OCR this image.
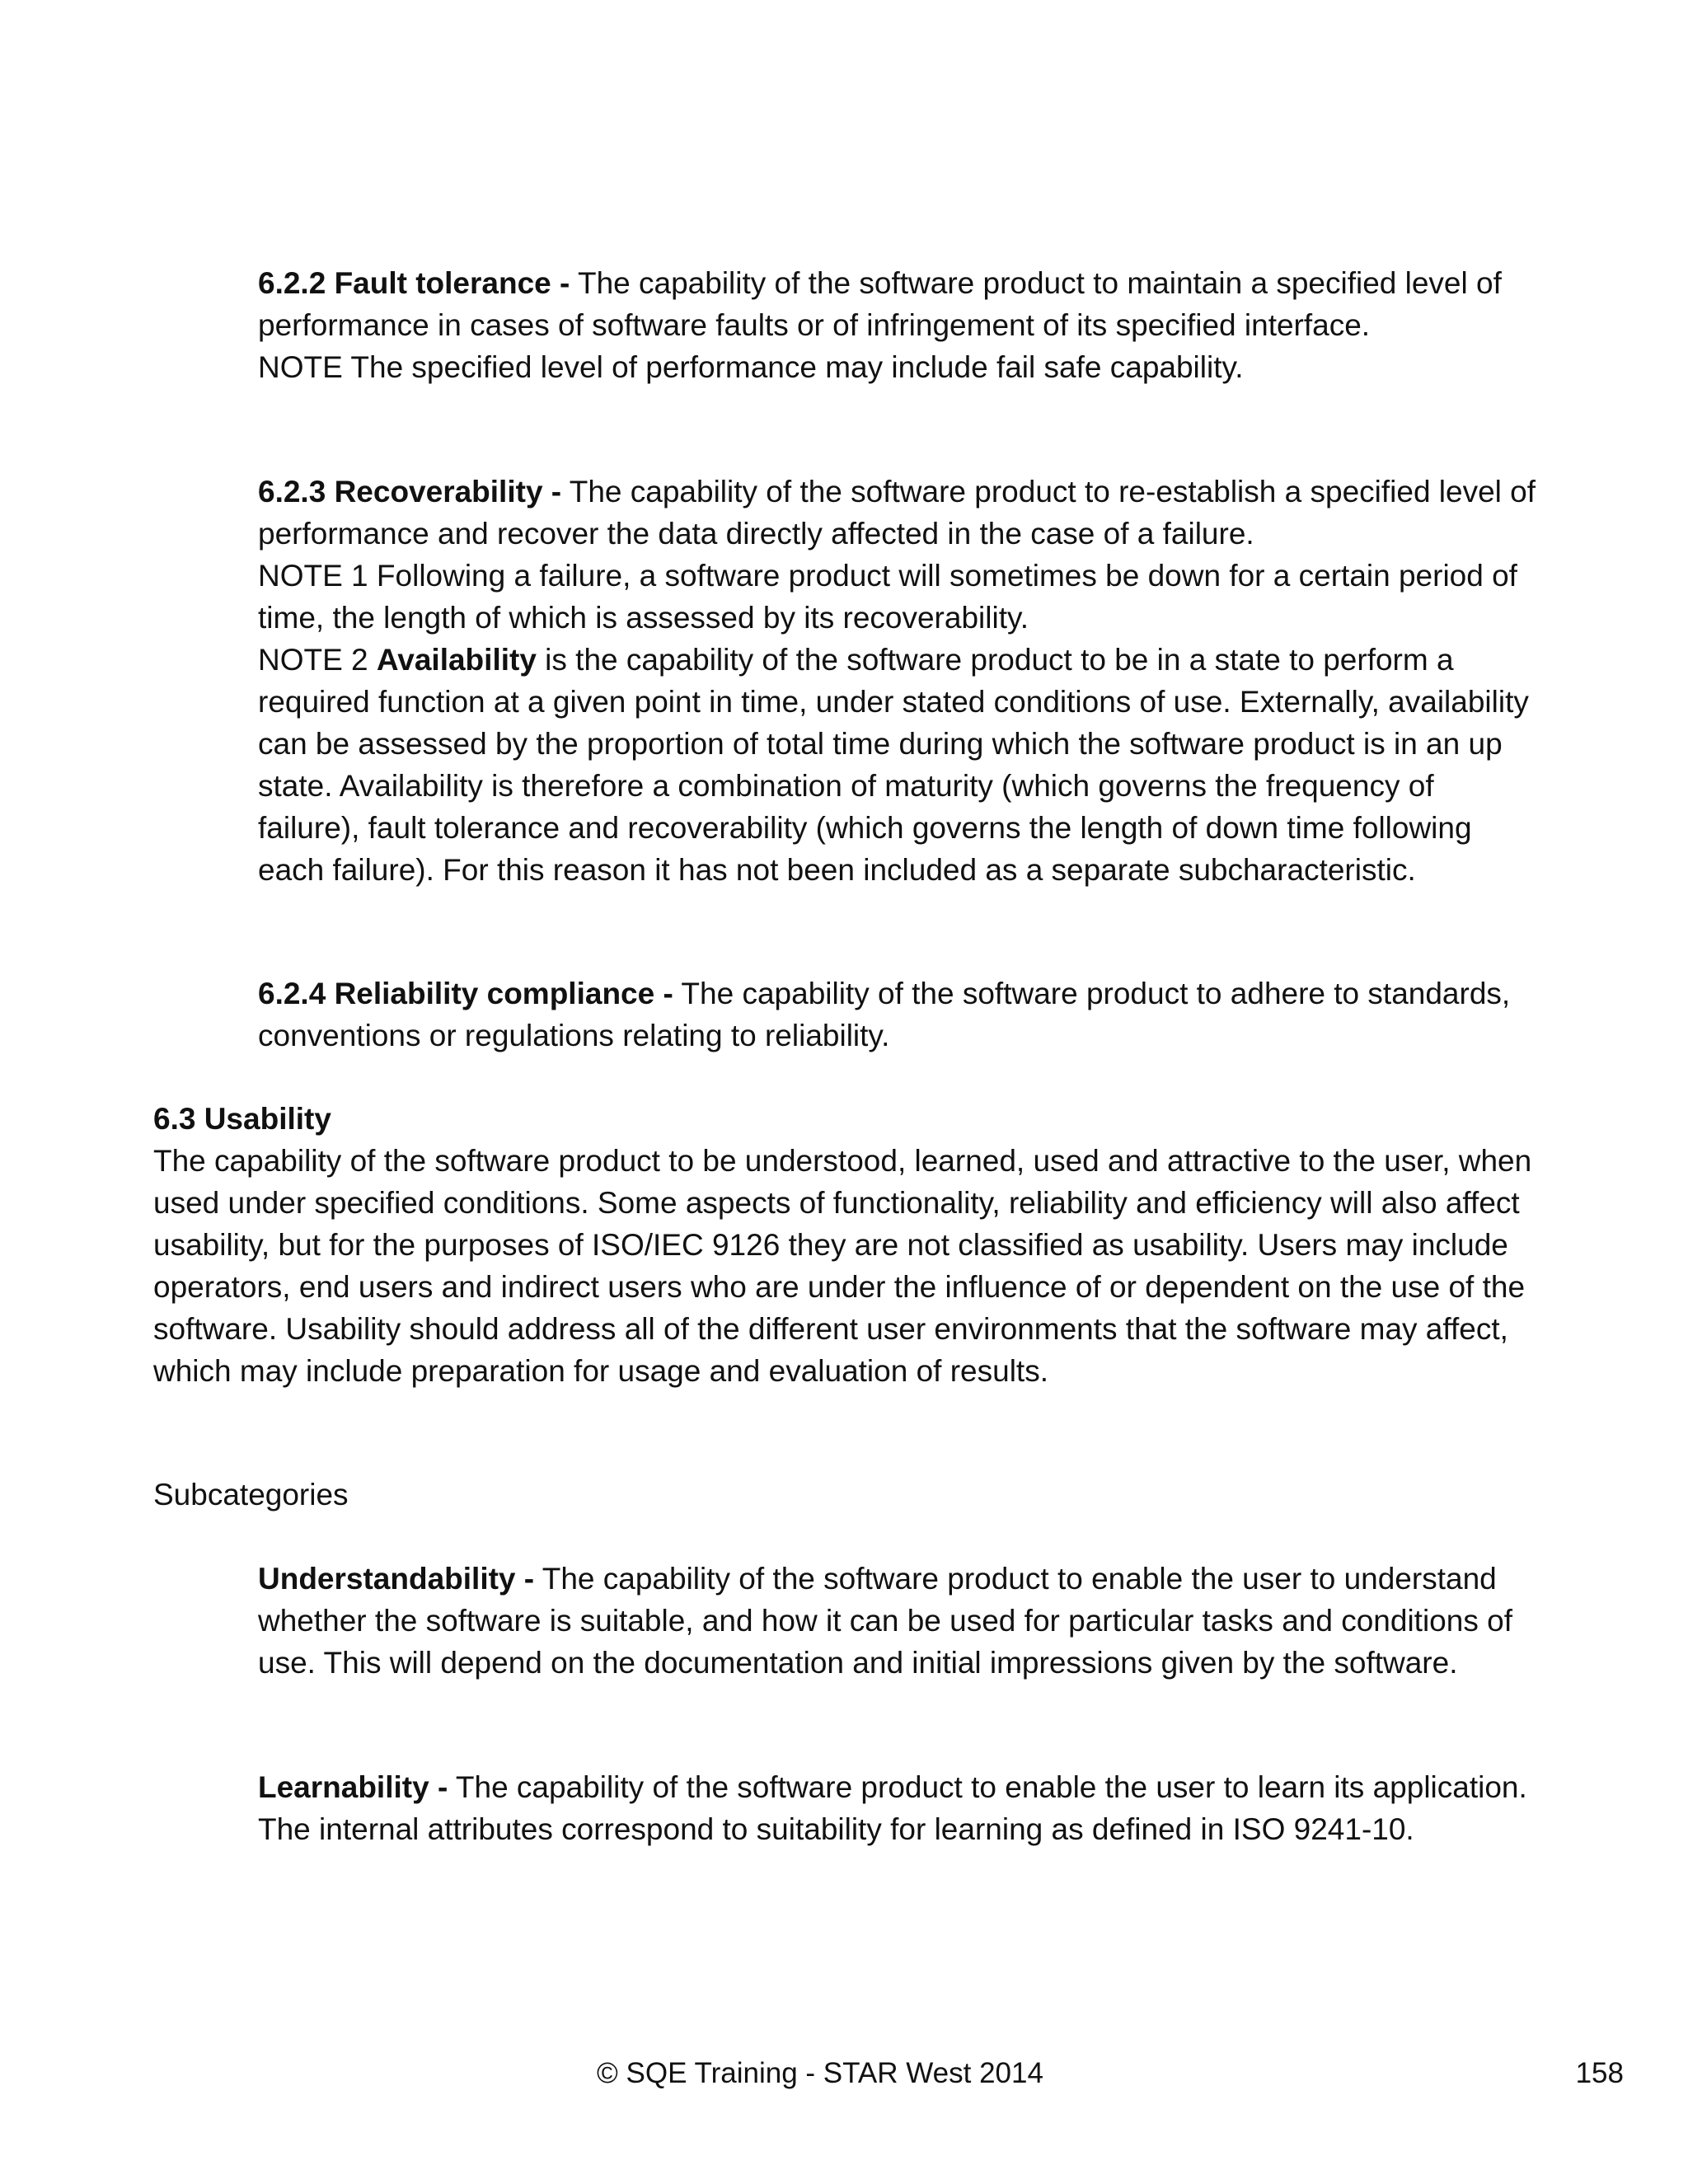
6.2.2 Fault tolerance - The capability of the software product to maintain a specified level of performance in cases of software faults or of infringement of its specified interface.
NOTE The specified level of performance may include fail safe capability.
6.2.3 Recoverability - The capability of the software product to re-establish a specified level of performance and recover the data directly affected in the case of a failure.
NOTE 1 Following a failure, a software product will sometimes be down for a certain period of time, the length of which is assessed by its recoverability.
NOTE 2 Availability is the capability of the software product to be in a state to perform a required function at a given point in time, under stated conditions of use. Externally, availability can be assessed by the proportion of total time during which the software product is in an up state. Availability is therefore a combination of maturity (which governs the frequency of failure), fault tolerance and recoverability (which governs the length of down time following each failure). For this reason it has not been included as a separate subcharacteristic.
6.2.4 Reliability compliance - The capability of the software product to adhere to standards, conventions or regulations relating to reliability.
6.3 Usability
The capability of the software product to be understood, learned, used and attractive to the user, when used under specified conditions. Some aspects of functionality, reliability and efficiency will also affect usability, but for the purposes of ISO/IEC 9126 they are not classified as usability. Users may include operators, end users and indirect users who are under the influence of or dependent on the use of the software. Usability should address all of the different user environments that the software may affect, which may include preparation for usage and evaluation of results.
Subcategories
Understandability - The capability of the software product to enable the user to understand whether the software is suitable, and how it can be used for particular tasks and conditions of use. This will depend on the documentation and initial impressions given by the software.
Learnability - The capability of the software product to enable the user to learn its application. The internal attributes correspond to suitability for learning as defined in ISO 9241-10.
© SQE Training - STAR West 2014	158
